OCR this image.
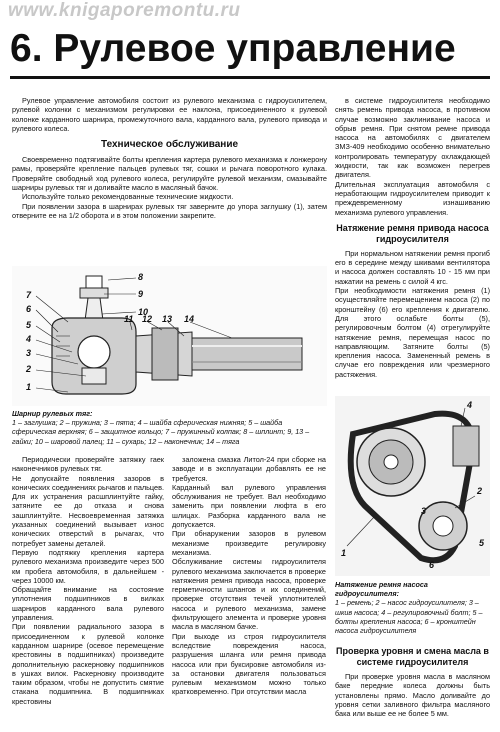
www.knigaporemontu.ru
6. Рулевое управление

Рулевое управление автомобиля состоит из рулевого механизма с гидроусилителем, рулевой колонки с механизмом регулировки ее наклона, присоединенного к рулевой колонке карданного шарнира, промежуточного вала, карданного вала, рулевого привода и рулевого колеса.

Техническое обслуживание

Своевременно подтягивайте болты крепления картера рулевого механизма к лонжерону рамы, проверяйте крепление пальцев рулевых тяг, сошки и рычага поворотного кулака. Проверяйте свободный ход рулевого колеса, регулируйте рулевой механизм, смазывайте шарниры рулевых тяг и доливайте масло в масляный бачок.

Используйте только рекомендованные технические жидкости.

При появлении зазора в шарнирах рулевых тяг заверните до упора заглушку (1), затем отверните ее на 1/2 оборота и в этом положении закрепите.

8
9
10
7
6
5
4
3
2
1
11 12 13 14

Шарнир рулевых тяг:

1 – заглушка; 2 – пружина; 3 – пята; 4 – шайба сферическая нижняя; 5 – шайба сферическая верхняя; 6 – защитное кольцо; 7 – пружинный колпак; 8 – шплинт; 9, 13 – гайки; 10 – шаровой палец; 11 – сухарь; 12 – наконечник; 14 – тяга

Периодически проверяйте затяжку гаек наконечников рулевых тяг.
Не допускайте появления зазоров в конических соединениях рычагов и пальцев. Для их устранения расшплинтуйте гайку, затяните ее до отказа и снова зашплинтуйте. Несвоевременная затяжка указанных соединений вызывает износ конических отверстий в рычагах, что потребует замены деталей.
Первую подтяжку крепления картера рулевого механизма произведите через 500 км пробега автомобиля, в дальнейшем - через 10000 км.
Обращайте внимание на состояние уплотнения подшипников в вилках шарниров карданного вала рулевого управления.
При появлении радиального зазора в присоединенном к рулевой колонке карданном шарнире (осевое перемещение крестовины в подшипниках) произведите дополнительную раскерновку подшипников в ушках вилок. Раскерновку производите таким образом, чтобы не допустить смятие стакана подшипника. В подшипниках крестовины

заложена смазка Литол-24 при сборке на заводе и в эксплуатации добавлять ее не требуется.
Карданный вал рулевого управления обслуживания не требует. Вал необходимо заменить при появлении люфта в его шлицах. Разборка карданного вала не допускается.
При обнаружении зазоров в рулевом механизме произведите регулировку механизма.
Обслуживание системы гидроусилителя рулевого механизма заключается в проверке натяжения ремня привода насоса, проверке герметичности шлангов и их соединений, проверке отсутствия течей уплотнителей насоса и рулевого механизма, замене фильтрующего элемента и проверке уровня масла в масляном бачке.
При выходе из строя гидроусилителя вследствие повреждения насоса, разрушения шланга или ремня привода насоса или при буксировке автомобиля из-за остановки двигателя пользоваться рулевым механизмом можно только кратковременно. При отсутствии масла

в системе гидроусилителя необходимо снять ремень привода насоса, в противном случае возможно заклинивание насоса и обрыв ремня. При снятом ремне привода насоса на автомобилях с двигателем ЗМЗ-409 необходимо особенно внимательно контролировать температуру охлаждающей жидкости, так как возможен перегрев двигателя.
Длительная эксплуатация автомобиля с неработающим гидроусилителем приводит к преждевременному изнашиванию механизма рулевого управления.

Натяжение ремня привода насоса гидроусилителя

При нормальном натяжении ремня прогиб его в середине между шкивами вентилятора и насоса должен составлять 10 - 15 мм при нажатии на ремень с силой 4 кгс.
При необходимости натяжения ремня (1) осуществляйте перемещением насоса (2) по кронштейну (6) его крепления к двигателю. Для этого ослабьте болты (5), регулировочным болтом (4) отрегулируйте натяжение ремня, перемещая насос по направляющим. Затяните болты (5) крепления насоса. Замененный ремень в случае его повреждения или чрезмерного растяжения.

1
2
3
4
5
6

Натяжение ремня насоса гидроусилителя:

1 – ремень; 2 – насос гидроусилителя; 3 – шкив насоса; 4 – регулировочный болт; 5 – болты крепления насоса; 6 – кронштейн насоса гидроусилителя

Проверка уровня и смена масла в системе гидроусилителя

При проверке уровня масла в масляном баке передние колеса должны быть установлены прямо. Масло доливайте до уровня сетки заливного фильтра масляного бака или выше ее не более 5 мм.
